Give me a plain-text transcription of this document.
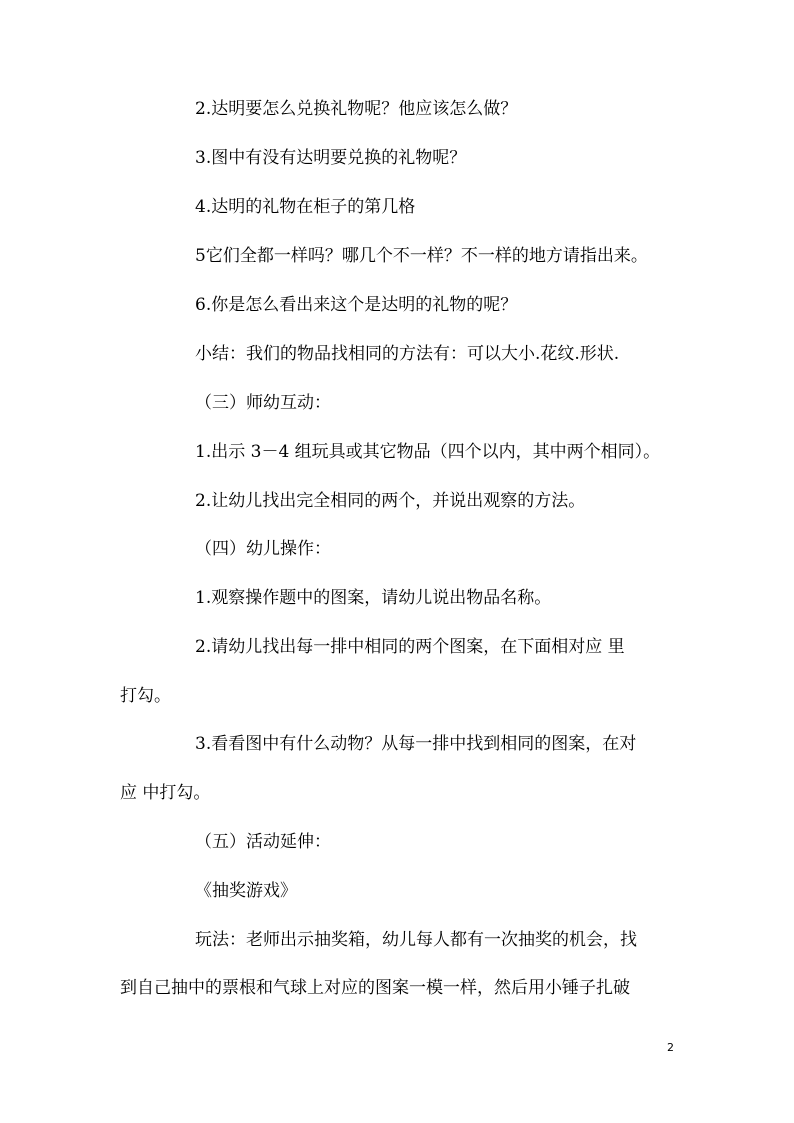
2.达明要怎么兑换礼物呢？他应该怎么做？
3.图中有没有达明要兑换的礼物呢？
4.达明的礼物在柜子的第几格
5它们全都一样吗？哪几个不一样？不一样的地方请指出来。
6.你是怎么看出来这个是达明的礼物的呢？
小结：我们的物品找相同的方法有：可以大小.花纹.形状.
（三）师幼互动：
1.出示 3－4 组玩具或其它物品（四个以内，其中两个相同）。
2.让幼儿找出完全相同的两个，并说出观察的方法。
（四）幼儿操作：
1.观察操作题中的图案，请幼儿说出物品名称。
2.请幼儿找出每一排中相同的两个图案，在下面相对应 里
打勾。
3.看看图中有什么动物？从每一排中找到相同的图案，在对
应 中打勾。
（五）活动延伸：
《抽奖游戏》
玩法：老师出示抽奖箱，幼儿每人都有一次抽奖的机会，找
到自己抽中的票根和气球上对应的图案一模一样，然后用小锤子扎破
2
